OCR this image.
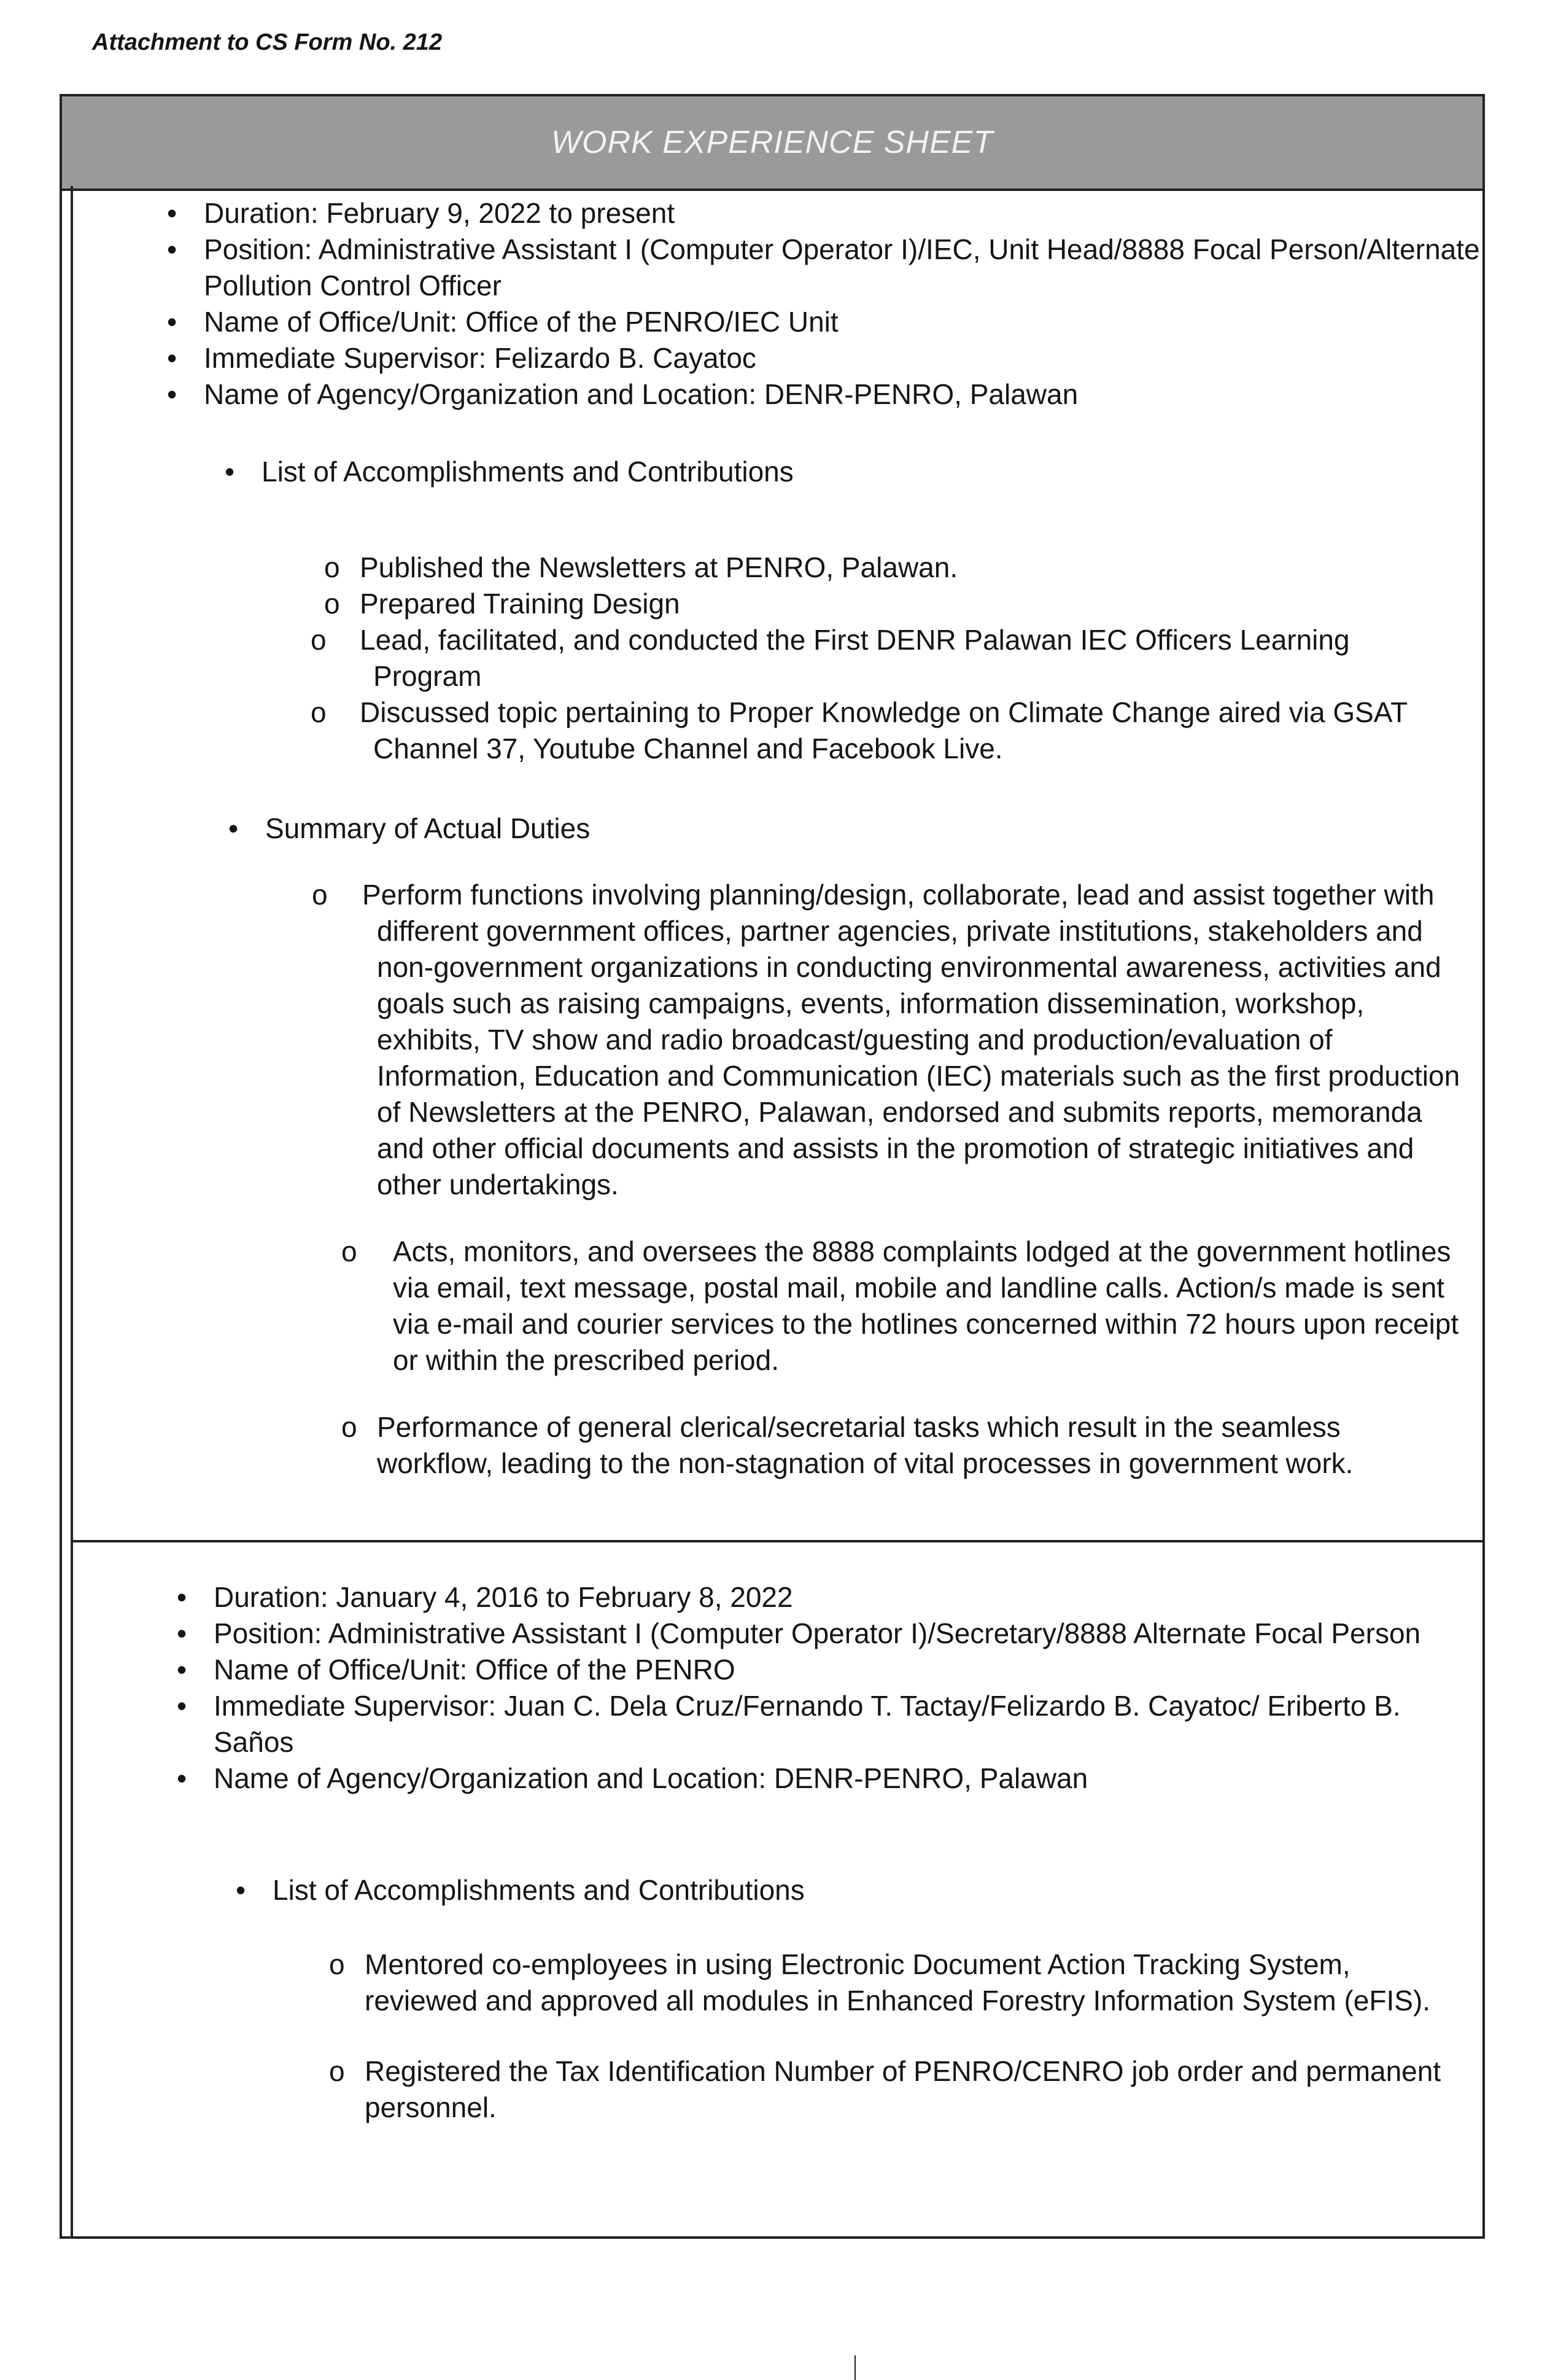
Attachment to CS Form No. 212
WORK EXPERIENCE SHEET
• Duration: February 9, 2022 to present
• Position: Administrative Assistant I (Computer Operator I)/IEC, Unit Head/8888 Focal Person/Alternate Pollution Control Officer
• Name of Office/Unit: Office of the PENRO/IEC Unit
• Immediate Supervisor: Felizardo B. Cayatoc
• Name of Agency/Organization and Location: DENR-PENRO, Palawan
• List of Accomplishments and Contributions
o Published the Newsletters at PENRO, Palawan.
o Prepared Training Design
o Lead, facilitated, and conducted the First DENR Palawan IEC Officers Learning Program
o Discussed topic pertaining to Proper Knowledge on Climate Change aired via GSAT Channel 37, Youtube Channel and Facebook Live.
• Summary of Actual Duties
o Perform functions involving planning/design, collaborate, lead and assist together with different government offices, partner agencies, private institutions, stakeholders and non-government organizations in conducting environmental awareness, activities and goals such as raising campaigns, events, information dissemination, workshop, exhibits, TV show and radio broadcast/guesting and production/evaluation of Information, Education and Communication (IEC) materials such as the first production of Newsletters at the PENRO, Palawan, endorsed and submits reports, memoranda and other official documents and assists in the promotion of strategic initiatives and other undertakings.
o Acts, monitors, and oversees the 8888 complaints lodged at the government hotlines via email, text message, postal mail, mobile and landline calls. Action/s made is sent via e-mail and courier services to the hotlines concerned within 72 hours upon receipt or within the prescribed period.
o Performance of general clerical/secretarial tasks which result in the seamless workflow, leading to the non-stagnation of vital processes in government work.
• Duration: January 4, 2016 to February 8, 2022
• Position: Administrative Assistant I (Computer Operator I)/Secretary/8888 Alternate Focal Person
• Name of Office/Unit: Office of the PENRO
• Immediate Supervisor: Juan C. Dela Cruz/Fernando T. Tactay/Felizardo B. Cayatoc/ Eriberto B. Saños
• Name of Agency/Organization and Location: DENR-PENRO, Palawan
• List of Accomplishments and Contributions
o Mentored co-employees in using Electronic Document Action Tracking System, reviewed and approved all modules in Enhanced Forestry Information System (eFIS).
o Registered the Tax Identification Number of PENRO/CENRO job order and permanent personnel.
